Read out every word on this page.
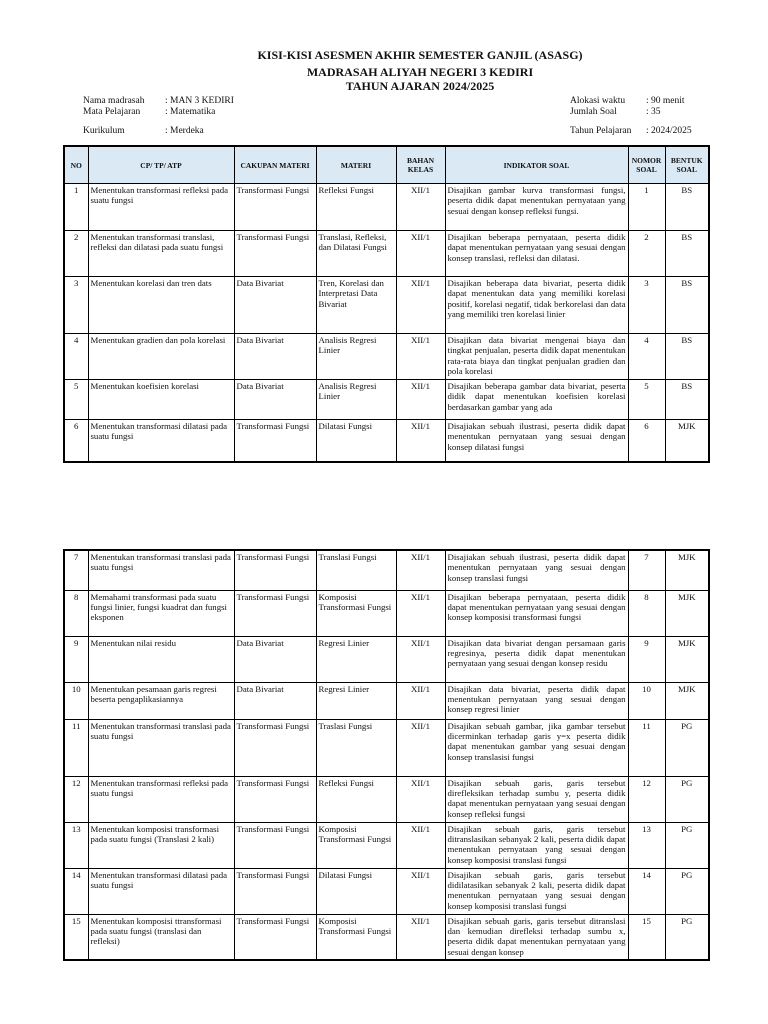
KISI-KISI ASESMEN AKHIR SEMESTER GANJIL (ASASG)
MADRASAH ALIYAH NEGERI 3 KEDIRI
TAHUN AJARAN 2024/2025
Nama madrasah : MAN 3 KEDIRI
Mata Pelajaran	: Matematika
Kurikulum	: Merdeka
Alokasi waktu : 90 menit
Jumlah Soal	: 35
Tahun Pelajaran : 2024/2025
NO	CP/ TP/ ATP	CAKUPAN MATERI	MATERI	BAHAN KELAS	INDIKATOR SOAL	NOMOR SOAL	BENTUK SOAL
1	Menentukan transformasi refleksi pada suatu fungsi	Transformasi Fungsi	Refleksi Fungsi	XII/1	Disajikan gambar kurva transformasi fungsi, peserta didik dapat menentukan pernyataan yang sesuai dengan konsep refleksi fungsi.	1	BS
2	Menentukan transformasi translasi, refleksi dan dilatasi pada suatu fungsi	Transformasi Fungsi	Translasi, Refleksi, dan Dilatasi Fungsi	XII/1	Disajikan beberapa pernyataan, peserta didik dapat menentukan pernyataan yang sesuai dengan konsep translasi, refleksi dan dilatasi.	2	BS
3	Menentukan korelasi dan tren dats	Data Bivariat	Tren, Korelasi dan Interpretasi Data Bivariat	XII/1	Disajikan beberapa data bivariat, peserta didik dapat menentukan data yang memiliki korelasi positif, korelasi negatif, tidak berkorelasi dan data yang memiliki tren korelasi linier	3	BS
4	Menentukan gradien dan pola korelasi	Data Bivariat	Analisis Regresi Linier	XII/1	Disajikan data bivariat mengenai biaya dan tingkat penjualan, peserta didik dapat menentukan rata-rata biaya dan tingkat penjualan gradien dan pola korelasi	4	BS
5	Menentukan koefisien korelasi	Data Bivariat	Analisis Regresi Linier	XII/1	Disajikan beberapa gambar data bivariat, peserta didik dapat menentukan koefisien korelasi berdasarkan gambar yang ada	5	BS
6	Menentukan transformasi dilatasi pada suatu fungsi	Transformasi Fungsi	Dilatasi Fungsi	XII/1	Disajiakan sebuah ilustrasi, peserta didik dapat menentukan pernyataan yang sesuai dengan konsep dilatasi fungsi	6	MJK
7	Menentukan transformasi translasi pada suatu fungsi	Transformasi Fungsi	Translasi Fungsi	XII/1	Disajiakan sebuah ilustrasi, peserta didik dapat menentukan pernyataan yang sesuai dengan konsep translasi fungsi	7	MJK
8	Memahami transformasi pada suatu fungsi linier, fungsi kuadrat dan fungsi eksponen	Transformasi Fungsi	Komposisi Transformasi Fungsi	XII/1	Disajikan beberapa pernyataan, peserta didik dapat menentukan pernyataan yang sesuai dengan konsep komposisi transformasi fungsi	8	MJK
9	Menentukan nilai residu	Data Bivariat	Regresi Linier	XII/1	Disajikan data bivariat dengan persamaan garis regresinya, peserta didik dapat menentukan pernyataan yang sesuai dengan konsep residu	9	MJK
10	Menentukan pesamaan garis regresi beserta pengaplikasiannya	Data Bivariat	Regresi Linier	XII/1	Disajikan data bivariat, peserta didik dapat menentukan pernyataan yang sesuai dengan konsep regresi linier	10	MJK
11	Menentukan transformasi translasi pada suatu fungsi	Transformasi Fungsi	Traslasi Fungsi	XII/1	Disajikan sebuah gambar, jika gambar tersebut dicerminkan terhadap garis y=x peserta didik dapat menentukan gambar yang sesuai dengan konsep translasisi fungsi	11	PG
12	Menentukan transformasi refleksi pada suatu fungsi	Transformasi Fungsi	Refleksi Fungsi	XII/1	Disajikan sebuah garis, garis tersebut direfleksikan terhadap sumbu y, peserta didik dapat menentukan pernyataan yang sesuai dengan konsep refleksi fungsi	12	PG
13	Menentukan komposisi transformasi pada suatu fungsi (Translasi 2 kali)	Transformasi Fungsi	Komposisi Transformasi Fungsi	XII/1	Disajikan sebuah garis, garis tersebut ditranslasikan sebanyak 2 kali, peserta didik dapat menentukan pernyataan yang sesuai dengan konsep komposisi translasi fungsi	13	PG
14	Menentukan transformasi dilatasi pada suatu fungsi	Transformasi Fungsi	Dilatasi Fungsi	XII/1	Disajikan sebuah garis, garis tersebut didilatasikan sebanyak 2 kali, peserta didik dapat menentukan pernyataan yang sesuai dengan konsep komposisi translasi fungsi	14	PG
15	Menentukan komposisi ttransformasi pada suatu fungsi (translasi dan refleksi)	Transformasi Fungsi	Komposisi Transformasi Fungsi	XII/1	Disajikan sebuah garis, garis tersebut ditranslasi dan kemudian direfleksi terhadap sumbu x, peserta didik dapat menentukan pernyataan yang sesuai dengan konsep	15	PG
